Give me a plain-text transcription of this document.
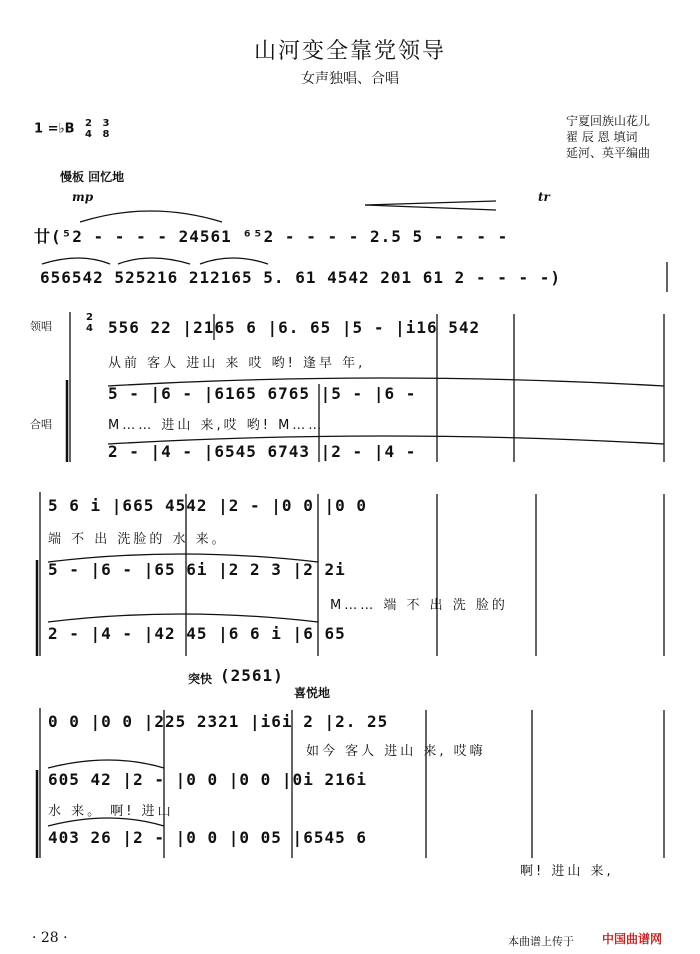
山河变全靠党领导
女声独唱、合唱
宁夏回族山花儿
翟 辰 恩 填词
延河、英平编曲
1 =♭B 2
4 3
8
慢板 回忆地
mp	tr
廿(⁵2 - - - - 24561 ⁶⁵2 - - - - 2.5 5 - - - -
656542 525216 212165 5. 61 4542 201 61 2 - - - -)
领唱
合唱
2
4 556 22 |2165 6 |6. 65 |5 - |i16 542
从前 客人 进山 来 哎 哟! 逢早 年,
5 - |6 - |6165 6765 |5 - |6 -
M…… 进山 来,哎 哟! M……
2 - |4 - |6545 6743 |2 - |4 -
5 6 i |665 4542 |2 - |0 0 |0 0
端 不 出 洗脸的 水 来。
5 - |6 - |65 6i |2 2 3 |2 2i
M…… 端 不 出 洗 脸的
2 - |4 - |42 45 |6 6 i |6 65
突快 (2561)
喜悦地
0 0 |0 0 |225 2321 |i6i 2 |2. 25
如今 客人 进山 来, 哎嗨
605 42 |2 - |0 0 |0 0 |0i 216i
水 来。 啊! 进山
403 26 |2 - |0 0 |0 05 |6545 6
啊! 进山 来,
· 28 ·	本曲谱上传于 中国曲谱网
